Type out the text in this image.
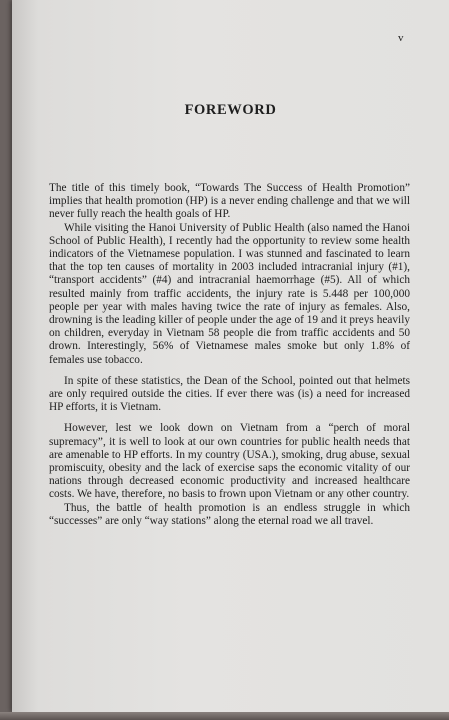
v
FOREWORD

The title of this timely book, “Towards The Success of Health Promotion” implies that health promotion (HP) is a never ending challenge and that we will never fully reach the health goals of HP.

While visiting the Hanoi University of Public Health (also named the Hanoi School of Public Health), I recently had the opportunity to review some health indicators of the Vietnamese population. I was stunned and fascinated to learn that the top ten causes of mortality in 2003 included intracranial injury (#1), “transport accidents” (#4) and intracranial haemorrhage (#5). All of which resulted mainly from traffic accidents, the injury rate is 5.448 per 100,000 people per year with males having twice the rate of injury as females. Also, drowning is the leading killer of people under the age of 19 and it preys heavily on children, everyday in Vietnam 58 people die from traffic accidents and 50 drown. Interestingly, 56% of Vietnamese males smoke but only 1.8% of females use tobacco.

In spite of these statistics, the Dean of the School, pointed out that helmets are only required outside the cities. If ever there was (is) a need for increased HP efforts, it is Vietnam.

However, lest we look down on Vietnam from a “perch of moral supremacy”, it is well to look at our own countries for public health needs that are amenable to HP efforts. In my country (USA.), smoking, drug abuse, sexual promiscuity, obesity and the lack of exercise saps the economic vitality of our nations through decreased economic productivity and increased healthcare costs. We have, therefore, no basis to frown upon Vietnam or any other country.

Thus, the battle of health promotion is an endless struggle in which “successes” are only “way stations” along the eternal road we all travel.
